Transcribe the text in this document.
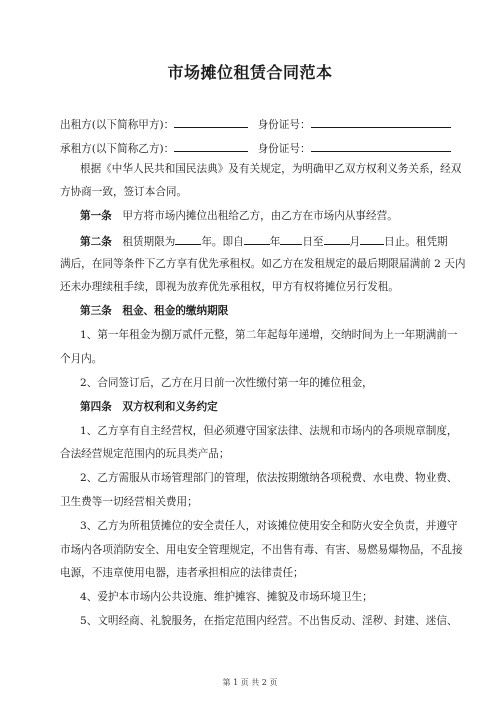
市场摊位租赁合同范本
出租方(以下简称甲方)：	身份证号：
承租方(以下简称乙方)：	身份证号：
根据《中华人民共和国民法典》及有关规定，为明确甲乙双方权利义务关系，经双
方协商一致，签订本合同。
第一条　 甲方将市场内摊位出租给乙方，由乙方在市场内从事经营。
第二条　 租赁期限为 年。即自 年 日至 月 日止。租凭期
满后，在同等条件下乙方享有优先承租权。如乙方在发租规定的最后期限届满前 2 天内
还未办理续租手续，即视为放弃优先承租权，甲方有权将摊位另行发租。
第三条　租金、租金的缴纳期限
1、第一年租金为捌万贰仟元整，第二年起每年递增，交纳时间为上一年期满前一
个月内。
2、合同签订后，乙方在月日前一次性缴付第一年的摊位租金，
第四条　双方权利和义务约定
1、乙方享有自主经营权，但必须遵守国家法律、法规和市场内的各项规章制度，
合法经营规定范围内的玩具类产品；
2、乙方需服从市场管理部门的管理，依法按期缴纳各项税费、水电费、物业费、
卫生费等一切经营相关费用；
3、乙方为所租赁摊位的安全责任人，对该摊位使用安全和防火安全负责，并遵守
市场内各项消防安全、用电安全管理规定，不出售有毒、有害、易燃易爆物品，不乱接
电源，不违章使用电器，违者承担相应的法律责任；
4、爱护本市场内公共设施、维护摊容、摊貌及市场环境卫生；
5、文明经商、礼貌服务，在指定范围内经营。不出售反动、淫秽、封建、迷信、
第 1 页 共 2 页
